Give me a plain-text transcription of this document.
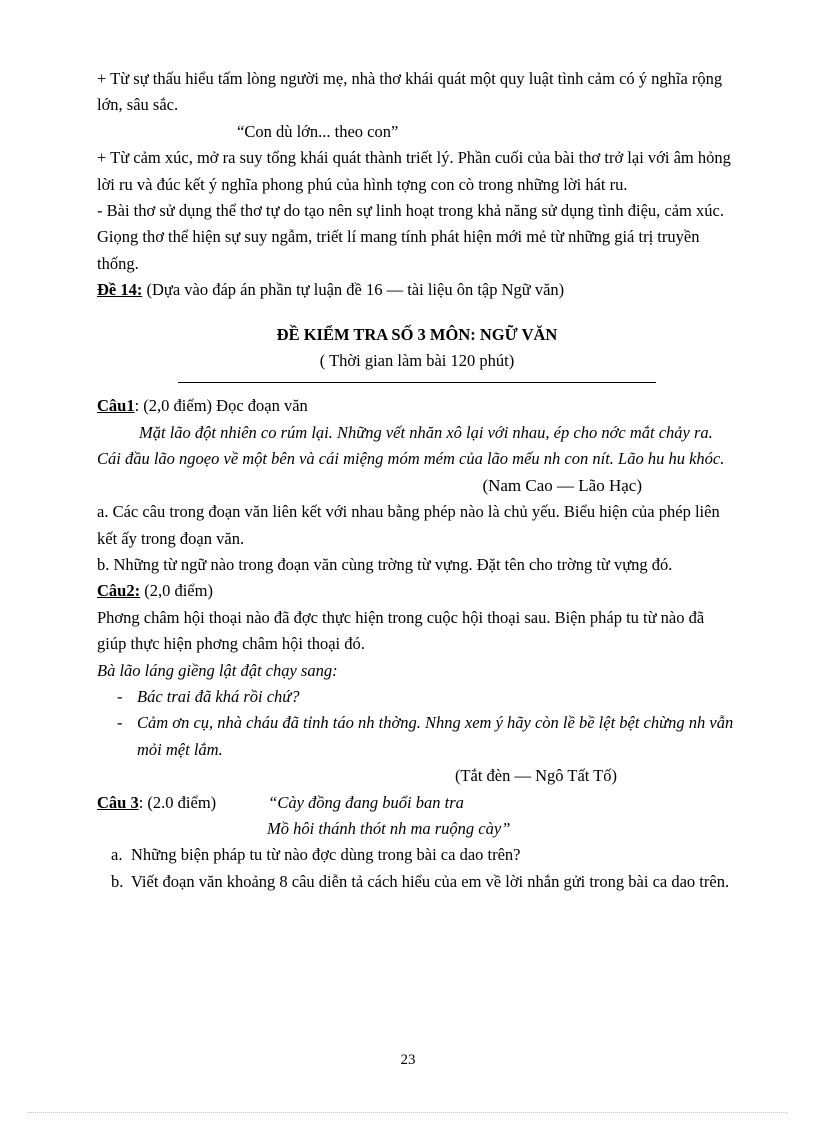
+ Từ sự thấu hiểu tấm lòng người mẹ, nhà thơ khái quát một quy luật tình cảm có ý nghĩa rộng lớn, sâu sắc.

“Con dù lớn... theo con”

+ Từ cảm xúc, mở ra suy tổng khái quát thành triết lý. Phần cuối của bài thơ trở lại với âm hỏng lời ru và đúc kết ý nghĩa phong phú của hình tợng con cò trong những lời hát ru.

- Bài thơ sử dụng thể thơ tự do tạo nên sự linh hoạt trong khả năng sử dụng tình điệu, cảm xúc. Giọng thơ thể hiện sự suy ngẫm, triết lí mang tính phát hiện mới mẻ từ những giá trị truyền thống.

Đề 14: (Dựa vào đáp án phần tự luận đề 16 — tài liệu ôn tập Ngữ văn)

ĐỀ KIỂM TRA SỐ 3 MÔN: NGỮ VĂN

( Thời gian làm bài 120 phút)

Câu1: (2,0 điểm) Đọc đoạn văn

Mặt lão đột nhiên co rúm lại. Những vết nhăn xô lại với nhau, ép cho nớc mắt chảy ra. Cái đầu lão ngoẹo về một bên và cái miệng móm mém của lão mếu nh con nít. Lão hu hu khóc.

(Nam Cao — Lão Hạc)

a. Các câu trong đoạn văn liên kết với nhau bằng phép nào là chủ yếu. Biểu hiện của phép liên kết ấy trong đoạn văn.

b. Những từ ngữ nào trong đoạn văn cùng trờng từ vựng. Đặt tên cho trờng từ vựng đó.

Câu2: (2,0 điểm)

Phơng châm hội thoại nào đã đợc thực hiện trong cuộc hội thoại sau. Biện pháp tu từ nào đã giúp thực hiện phơng châm hội thoại đó.

Bà lão láng giềng lật đật chạy sang:

- Bác trai đã khá rồi chứ?
- Cảm ơn cụ, nhà cháu đã tỉnh táo nh thờng. Nhng xem ý hãy còn lề bề lệt bệt chừng nh vẫn mỏi mệt lắm.

(Tắt đèn — Ngô Tất Tố)

Câu 3: (2.0 điểm)	“Cày đồng đang buổi ban tra

Mồ hôi thánh thót nh ma ruộng cày”

a. Những biện pháp tu từ nào đợc dùng trong bài ca dao trên?
b. Viết đoạn văn khoảng 8 câu diễn tả cách hiểu của em về lời nhắn gửi trong bài ca dao trên.
23
